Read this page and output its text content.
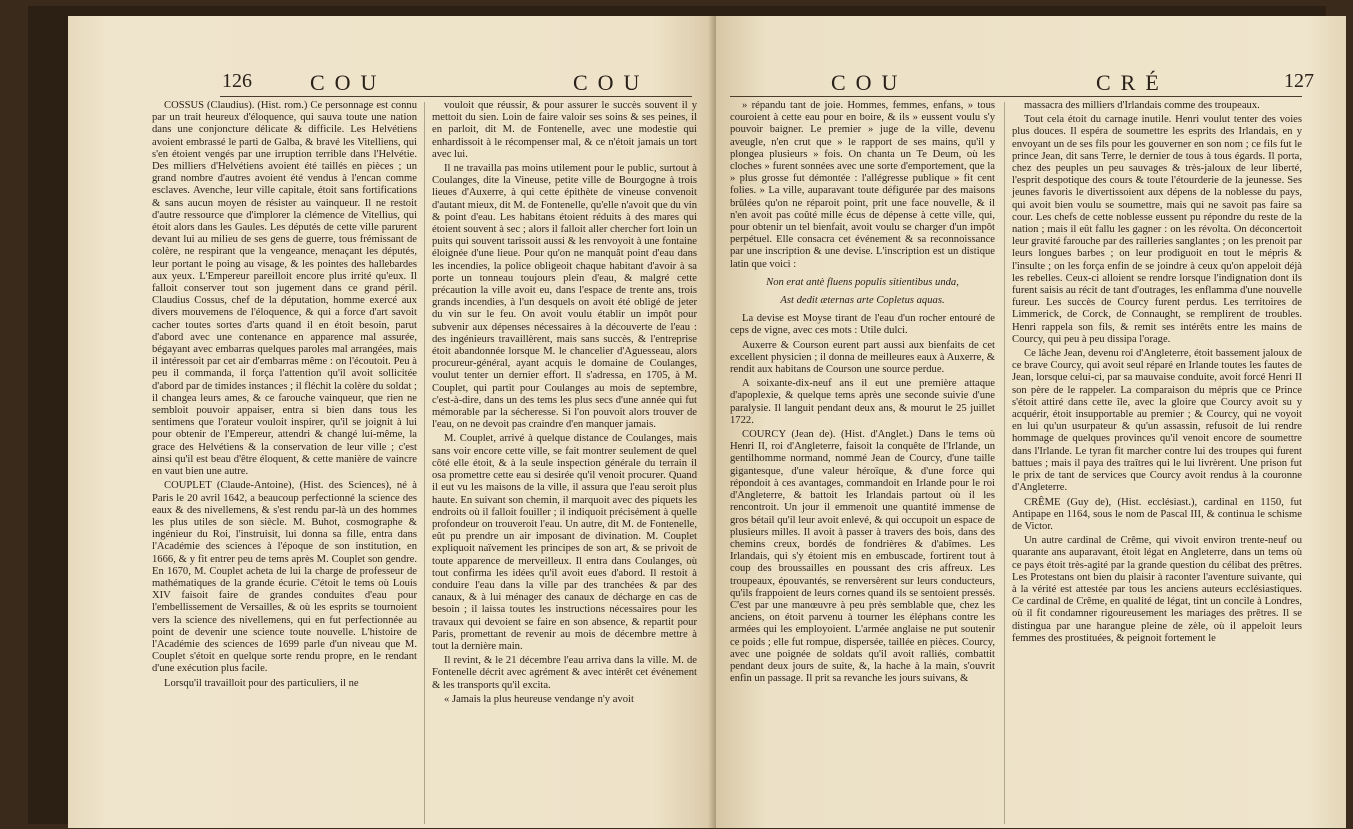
126	COU	COU

COSSUS (Claudius). (Hist. rom.) Ce personnage est connu par un trait heureux d'éloquence, qui sauva toute une nation dans une conjoncture délicate & difficile. Les Helvétiens avoient embrassé le parti de Galba, & bravé les Vitelliens, qui s'en étoient vengés par une irruption terrible dans l'Helvétie. Des milliers d'Helvétiens avoient été taillés en pièces ; un grand nombre d'autres avoient été vendus à l'encan comme esclaves. Avenche, leur ville capitale, étoit sans fortifications & sans aucun moyen de résister au vainqueur. Il ne restoit d'autre ressource que d'implorer la clémence de Vitellius, qui étoit alors dans les Gaules. Les députés de cette ville parurent devant lui au milieu de ses gens de guerre, tous frémissant de colère, ne respirant que la vengeance, menaçant les députés, leur portant le poing au visage, & les pointes des hallebardes aux yeux. L'Empereur pareilloit encore plus irrité qu'eux. Il falloit conserver tout son jugement dans ce grand péril. Claudius Cossus, chef de la députation, homme exercé aux divers mouvemens de l'éloquence, & qui a force d'art savoit cacher toutes sortes d'arts quand il en étoit besoin, parut d'abord avec une contenance en apparence mal assurée, bégayant avec embarras quelques paroles mal arrangées, mais il intéressoit par cet air d'embarras même : on l'écoutoit. Peu à peu il commanda, il força l'attention qu'il avoit sollicitée d'abord par de timides instances ; il fléchit la colère du soldat ; il changea leurs ames, & ce farouche vainqueur, que rien ne sembloit pouvoir appaiser, entra si bien dans tous les sentimens que l'orateur vouloit inspirer, qu'il se joignit à lui pour obtenir de l'Empereur, attendri & changé lui-même, la grace des Helvétiens & la conservation de leur ville ; c'est ainsi qu'il est beau d'être éloquent, & cette manière de vaincre en vaut bien une autre.

COUPLET (Claude-Antoine), (Hist. des Sciences), né à Paris le 20 avril 1642, a beaucoup perfectionné la science des eaux & des nivellemens, & s'est rendu par-là un des hommes les plus utiles de son siècle. M. Buhot, cosmographe & ingénieur du Roi, l'instruisit, lui donna sa fille, entra dans l'Académie des sciences à l'époque de son institution, en 1666, & y fit entrer peu de tems après M. Couplet son gendre. En 1670, M. Couplet acheta de lui la charge de professeur de mathématiques de la grande écurie. C'étoit le tems où Louis XIV faisoit faire de grandes conduites d'eau pour l'embellissement de Versailles, & où les esprits se tournoient vers la science des nivellemens, qui en fut perfectionnée au point de devenir une science toute nouvelle. L'histoire de l'Académie des sciences de 1699 parle d'un niveau que M. Couplet s'étoit en quelque sorte rendu propre, en le rendant d'une exécution plus facile.

Lorsqu'il travailloit pour des particuliers, il ne

vouloit que réussir, & pour assurer le succès souvent il y mettoit du sien. Loin de faire valoir ses soins & ses peines, il en parloit, dit M. de Fontenelle, avec une modestie qui enhardissoit à le récompenser mal, & ce n'étoit jamais un tort avec lui.

Il ne travailla pas moins utilement pour le public, surtout à Coulanges, dite la Vineuse, petite ville de Bourgogne à trois lieues d'Auxerre, à qui cette épithète de vineuse convenoit d'autant mieux, dit M. de Fontenelle, qu'elle n'avoit que du vin & point d'eau. Les habitans étoient réduits à des mares qui étoient souvent à sec ; alors il falloit aller chercher fort loin un puits qui souvent tarissoit aussi & les renvoyoit à une fontaine éloignée d'une lieue. Pour qu'on ne manquât point d'eau dans les incendies, la police obligeoit chaque habitant d'avoir à sa porte un tonneau toujours plein d'eau, & malgré cette précaution la ville avoit eu, dans l'espace de trente ans, trois grands incendies, à l'un desquels on avoit été obligé de jeter du vin sur le feu. On avoit voulu établir un impôt pour subvenir aux dépenses nécessaires à la découverte de l'eau : des ingénieurs travaillèrent, mais sans succès, & l'entreprise étoit abandonnée lorsque M. le chancelier d'Aguesseau, alors procureur-général, ayant acquis le domaine de Coulanges, voulut tenter un dernier effort. Il s'adressa, en 1705, à M. Couplet, qui partit pour Coulanges au mois de septembre, c'est-à-dire, dans un des tems les plus secs d'une année qui fut mémorable par la sécheresse. Si l'on pouvoit alors trouver de l'eau, on ne devoit pas craindre d'en manquer jamais.

M. Couplet, arrivé à quelque distance de Coulanges, mais sans voir encore cette ville, se fait montrer seulement de quel côté elle étoit, & à la seule inspection générale du terrain il osa promettre cette eau si desirée qu'il venoit procurer. Quand il eut vu les maisons de la ville, il assura que l'eau seroit plus haute. En suivant son chemin, il marquoit avec des piquets les endroits où il falloit fouiller ; il indiquoit précisément à quelle profondeur on trouveroit l'eau. Un autre, dit M. de Fontenelle, eût pu prendre un air imposant de divination. M. Couplet expliquoit naïvement les principes de son art, & se privoit de toute apparence de merveilleux. Il entra dans Coulanges, où tout confirma les idées qu'il avoit eues d'abord. Il restoit à conduire l'eau dans la ville par des tranchées & par des canaux, & à lui ménager des canaux de décharge en cas de besoin ; il laissa toutes les instructions nécessaires pour les travaux qui devoient se faire en son absence, & repartit pour Paris, promettant de revenir au mois de décembre mettre à tout la dernière main.

Il revint, & le 21 décembre l'eau arriva dans la ville. M. de Fontenelle décrit avec agrément & avec intérêt cet événement & les transports qu'il excita.

« Jamais la plus heureuse vendange n'y avoit

COU	CRÉ	127

» répandu tant de joie. Hommes, femmes, enfans, » tous couroient à cette eau pour en boire, & ils » eussent voulu s'y pouvoir baigner. Le premier » juge de la ville, devenu aveugle, n'en crut que » le rapport de ses mains, qu'il y plongea plusieurs » fois. On chanta un Te Deum, où les cloches » furent sonnées avec une sorte d'emportement, que la » plus grosse fut démontée : l'allégresse publique » fit cent folies. » La ville, auparavant toute défigurée par des maisons brûlées qu'on ne réparoit point, prit une face nouvelle, & il n'en avoit pas coûté mille écus de dépense à cette ville, qui, pour obtenir un tel bienfait, avoit voulu se charger d'un impôt perpétuel. Elle consacra cet événement & sa reconnoissance par une inscription & une devise. L'inscription est un distique latin que voici :

Non erat antè fluens populis sitientibus unda,

Ast dedit æternas arte Copletus aquas.

La devise est Moyse tirant de l'eau d'un rocher entouré de ceps de vigne, avec ces mots : Utile dulci.

Auxerre & Courson eurent part aussi aux bienfaits de cet excellent physicien ; il donna de meilleures eaux à Auxerre, & rendit aux habitans de Courson une source perdue.

A soixante-dix-neuf ans il eut une première attaque d'apoplexie, & quelque tems après une seconde suivie d'une paralysie. Il languit pendant deux ans, & mourut le 25 juillet 1722.

COURCY (Jean de). (Hist. d'Anglet.) Dans le tems où Henri II, roi d'Angleterre, faisoit la conquête de l'Irlande, un gentilhomme normand, nommé Jean de Courcy, d'une taille gigantesque, d'une valeur héroïque, & d'une force qui répondoit à ces avantages, commandoit en Irlande pour le roi d'Angleterre, & battoit les Irlandais partout où il les rencontroit. Un jour il emmenoit une quantité immense de gros bétail qu'il leur avoit enlevé, & qui occupoit un espace de plusieurs milles. Il avoit à passer à travers des bois, dans des chemins creux, bordés de fondrières & d'abîmes. Les Irlandais, qui s'y étoient mis en embuscade, fortirent tout à coup des broussailles en poussant des cris affreux. Les troupeaux, épouvantés, se renversèrent sur leurs conducteurs, qu'ils frappoient de leurs cornes quand ils se sentoient pressés. C'est par une manœuvre à peu près semblable que, chez les anciens, on étoit parvenu à tourner les éléphans contre les armées qui les employoient. L'armée anglaise ne put soutenir ce poids ; elle fut rompue, dispersée, taillée en pièces. Courcy, avec une poignée de soldats qu'il avoit ralliés, combattit pendant deux jours de suite, &, la hache à la main, s'ouvrit enfin un passage. Il prit sa revanche les jours suivans, &

massacra des milliers d'Irlandais comme des troupeaux.

Tout cela étoit du carnage inutile. Henri voulut tenter des voies plus douces. Il espéra de soumettre les esprits des Irlandais, en y envoyant un de ses fils pour les gouverner en son nom ; ce fils fut le prince Jean, dit sans Terre, le dernier de tous à tous égards. Il porta, chez des peuples un peu sauvages & très-jaloux de leur liberté, l'esprit despotique des cours & toute l'étourderie de la jeunesse. Ses jeunes favoris le divertissoient aux dépens de la noblesse du pays, qui avoit bien voulu se soumettre, mais qui ne savoit pas faire sa cour. Les chefs de cette noblesse eussent pu répondre du reste de la nation ; mais il eût fallu les gagner : on les révolta. On déconcertoit leur gravité farouche par des railleries sanglantes ; on les prenoit par leurs longues barbes ; on leur prodiguoit en tout le mépris & l'insulte ; on les força enfin de se joindre à ceux qu'on appeloit déjà les rebelles. Ceux-ci alloient se rendre lorsque l'indignation dont ils furent saisis au récit de tant d'outrages, les enflamma d'une nouvelle fureur. Les succès de Courcy furent perdus. Les territoires de Limmerick, de Corck, de Connaught, se remplirent de troubles. Henri rappela son fils, & remit ses intérêts entre les mains de Courcy, qui peu à peu dissipa l'orage.

Ce lâche Jean, devenu roi d'Angleterre, étoit bassement jaloux de ce brave Courcy, qui avoit seul réparé en Irlande toutes les fautes de Jean, lorsque celui-ci, par sa mauvaise conduite, avoit forcé Henri II son père de le rappeler. La comparaison du mépris que ce Prince s'étoit attiré dans cette île, avec la gloire que Courcy avoit su y acquérir, étoit insupportable au premier ; & Courcy, qui ne voyoit en lui qu'un usurpateur & qu'un assassin, refusoit de lui rendre hommage de quelques provinces qu'il venoit encore de soumettre dans l'Irlande. Le tyran fit marcher contre lui des troupes qui furent battues ; mais il paya des traîtres qui le lui livrèrent. Une prison fut le prix de tant de services que Courcy avoit rendus à la couronne d'Angleterre.

CRÊME (Guy de), (Hist. ecclésiast.), cardinal en 1150, fut Antipape en 1164, sous le nom de Pascal III, & continua le schisme de Victor.

Un autre cardinal de Crême, qui vivoit environ trente-neuf ou quarante ans auparavant, étoit légat en Angleterre, dans un tems où ce pays étoit très-agité par la grande question du célibat des prêtres. Les Protestans ont bien du plaisir à raconter l'aventure suivante, qui à la vérité est attestée par tous les anciens auteurs ecclésiastiques. Ce cardinal de Crême, en qualité de légat, tint un concile à Londres, où il fit condamner rigoureusement les mariages des prêtres. Il se distingua par une harangue pleine de zèle, où il appeloit leurs femmes des prostituées, & peignoit fortement le
